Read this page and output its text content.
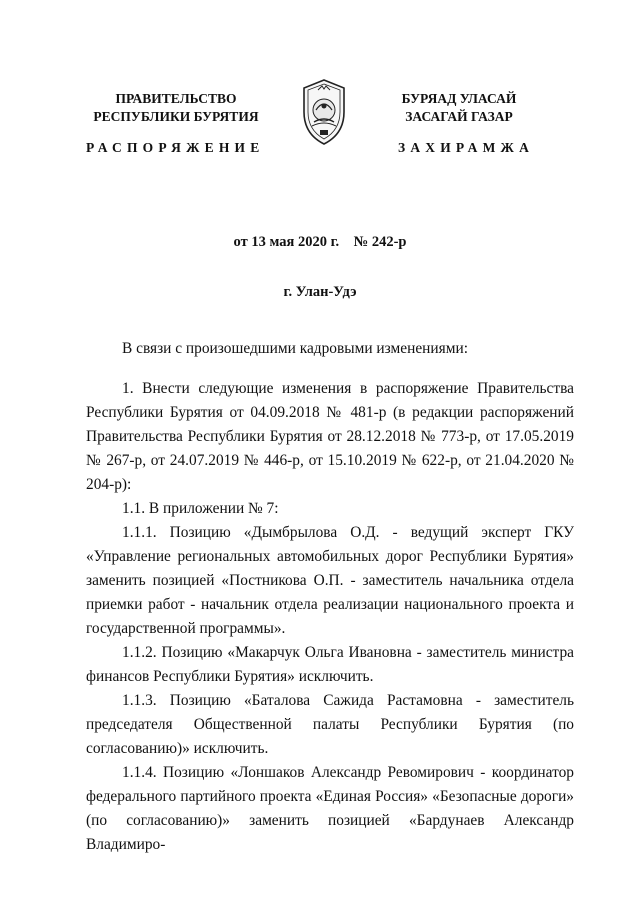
ПРАВИТЕЛЬСТВО
РЕСПУБЛИКИ БУРЯТИЯ
БУРЯАД УЛАСАЙ
ЗАСАГАЙ ГАЗАР
РАСПОРЯЖЕНИЕ	ЗАХИРАМЖА
от 13 мая 2020 г.    № 242-р
г. Улан-Удэ

В связи с произошедшими кадровыми изменениями:

1. Внести следующие изменения в распоряжение Правительства Республики Бурятия от 04.09.2018 № 481-р (в редакции распоряжений Правительства Республики Бурятия от 28.12.2018 № 773-р, от 17.05.2019 № 267-р, от 24.07.2019 № 446-р, от 15.10.2019 № 622-р, от 21.04.2020 № 204-р):

1.1. В приложении № 7:

1.1.1. Позицию «Дымбрылова О.Д. - ведущий эксперт ГКУ «Управление региональных автомобильных дорог Республики Бурятия» заменить позицией «Постникова О.П. - заместитель начальника отдела приемки работ - начальник отдела реализации национального проекта и государственной программы».

1.1.2. Позицию «Макарчук Ольга Ивановна - заместитель министра финансов Республики Бурятия» исключить.

1.1.3. Позицию «Баталова Сажида Растамовна - заместитель председателя Общественной палаты Республики Бурятия (по согласованию)» исключить.

1.1.4. Позицию «Лоншаков Александр Ревомирович - координатор федерального партийного проекта «Единая Россия» «Безопасные дороги» (по согласованию)» заменить позицией «Бардунаев Александр Владимиро-
